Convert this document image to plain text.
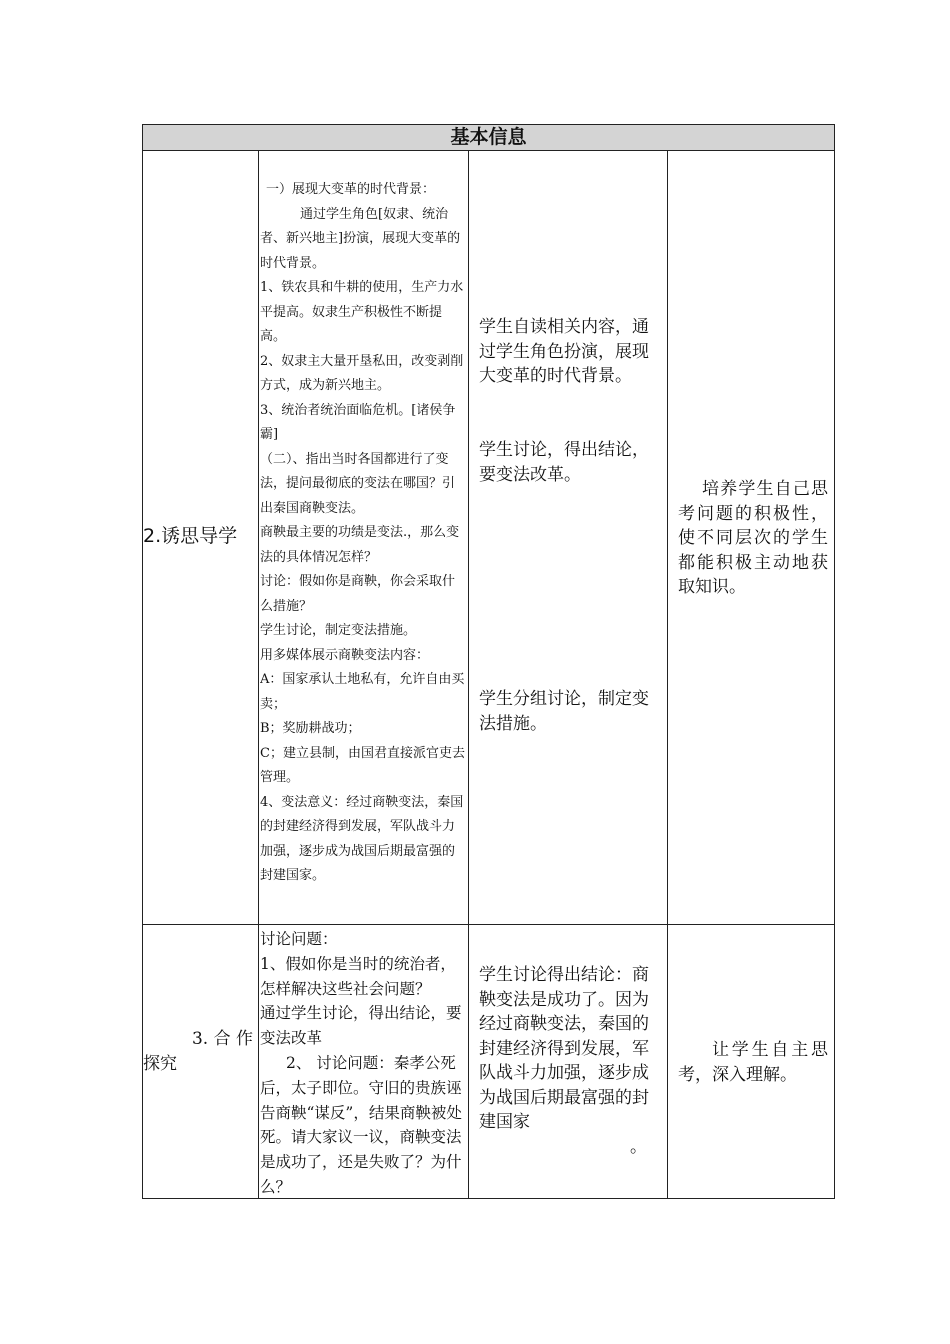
基本信息
2.诱思导学

一）展现大变革的时代背景：

通过学生角色[奴隶、统治者、新兴地主]扮演，展现大变革的时代背景。

1、铁农具和牛耕的使用，生产力水平提高。奴隶生产积极性不断提高。

2、奴隶主大量开垦私田，改变剥削方式，成为新兴地主。

3、统治者统治面临危机。[诸侯争霸]

（二）、指出当时各国都进行了变法，提问最彻底的变法在哪国？引出秦国商鞅变法。

商鞅最主要的功绩是变法.，那么变法的具体情况怎样？

讨论：假如你是商鞅，你会采取什么措施？

学生讨论，制定变法措施。

用多媒体展示商鞅变法内容：

A：国家承认土地私有，允许自由买卖；

B；奖励耕战功；

C；建立县制，由国君直接派官吏去管理。

4、变法意义：经过商鞅变法，秦国的封建经济得到发展，军队战斗力加强，逐步成为战国后期最富强的封建国家。

学生自读相关内容，通过学生角色扮演，展现大变革的时代背景。
学生讨论，得出结论，要变法改革。
学生分组讨论，制定变法措施。
培养学生自己思考问题的积极性，使不同层次的学生都能积极主动地获取知识。
3. 合 作
探究

讨论问题：

1、假如你是当时的统治者，怎样解决这些社会问题？

通过学生讨论，得出结论，要变法改革

2、 讨论问题：秦孝公死后，太子即位。守旧的贵族诬告商鞅“谋反”，结果商鞅被处死。请大家议一议，商鞅变法是成功了，还是失败了？为什么？

学生讨论得出结论：商鞅变法是成功了。因为经过商鞅变法，秦国的封建经济得到发展，军队战斗力加强，逐步成为战国后期最富强的封建国家
。
让学生自主思考，深入理解。
